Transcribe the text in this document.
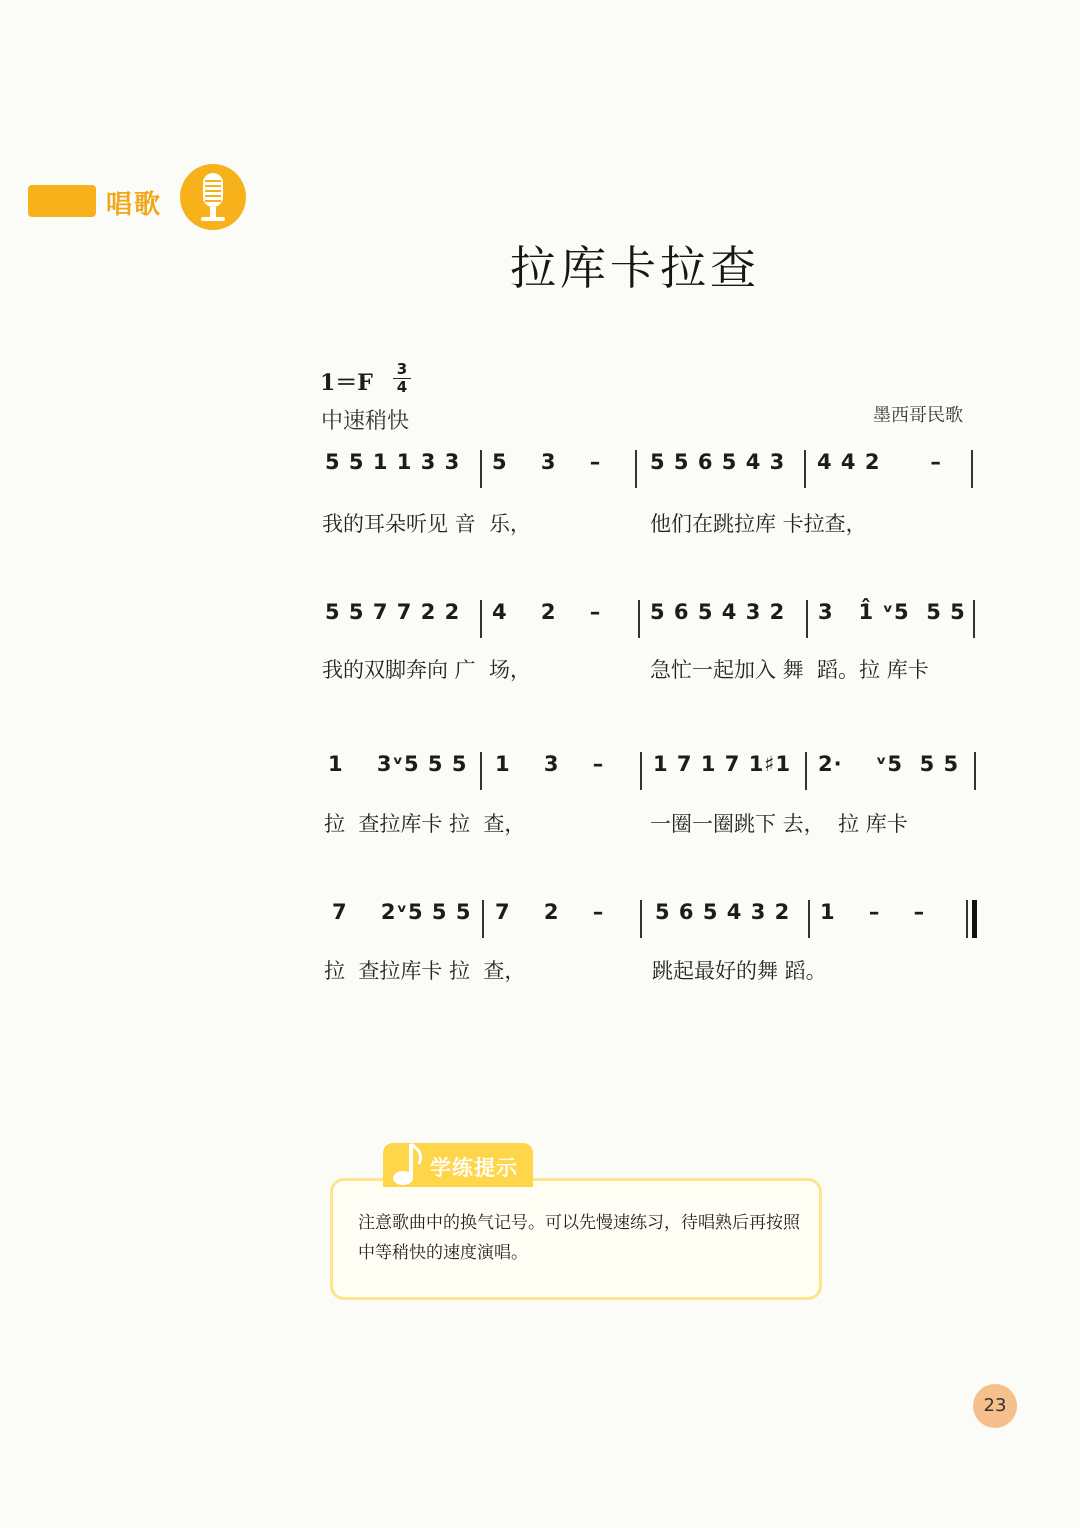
唱歌
拉库卡拉查
1＝F
3
4
中速稍快	墨西哥民歌
5 5 1 1 3 3 5    3    – 5 5 6 5 4 3 4 4 2      –
我的耳朵听见 音  乐，	他们在跳拉库 卡拉查，
5 5 7 7 2 2 4    2    – 5 6 5 4 3 2 3   1̂ ᵛ5  5 5
我的双脚奔向 广  场，	急忙一起加入 舞  蹈。拉 库卡
1    3ᵛ5 5 5 1    3    – 1 7 1 7 1♯1 2·    ᵛ5  5 5
拉  查拉库卡 拉  查，	一圈一圈跳下 去，  拉 库卡
7    2ᵛ5 5 5 7    2    – 5 6 5 4 3 2 1    –    –
拉  查拉库卡 拉  查，	跳起最好的舞 蹈。
学练提示
注意歌曲中的换气记号。可以先慢速练习，待唱熟后再按照中等稍快的速度演唱。
23
